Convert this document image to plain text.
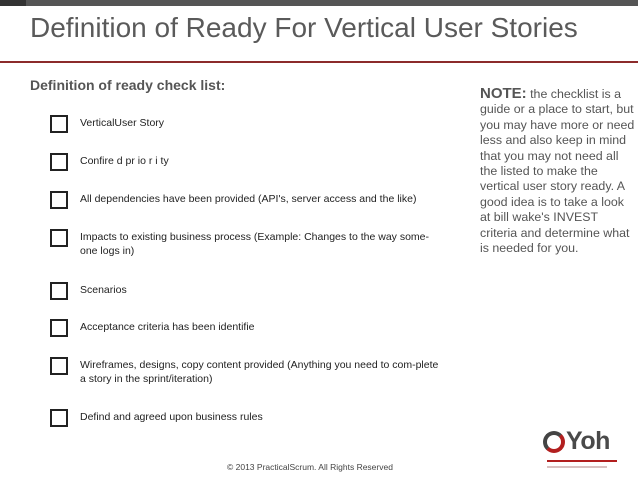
Definition of Ready For Vertical User Stories
Definition of ready check list:
VerticalUser Story
Confire d pr io r i ty
All dependencies have been provided (API's, server access and the like)
Impacts to existing business process (Example: Changes to the way some-one logs in)
Scenarios
Acceptance criteria has been identifie
Wireframes, designs, copy content provided (Anything you need to com-plete a story in the sprint/iteration)
Defind and agreed upon business rules
NOTE: the checklist is a guide or a place to start, but you may have more or need less and also keep in mind that you may not need all the listed to make the vertical user story ready. A good idea is to take a look at bill wake's INVEST criteria and determine what is needed for you.
© 2013 PracticalScrum. All Rights Reserved
Yoh
